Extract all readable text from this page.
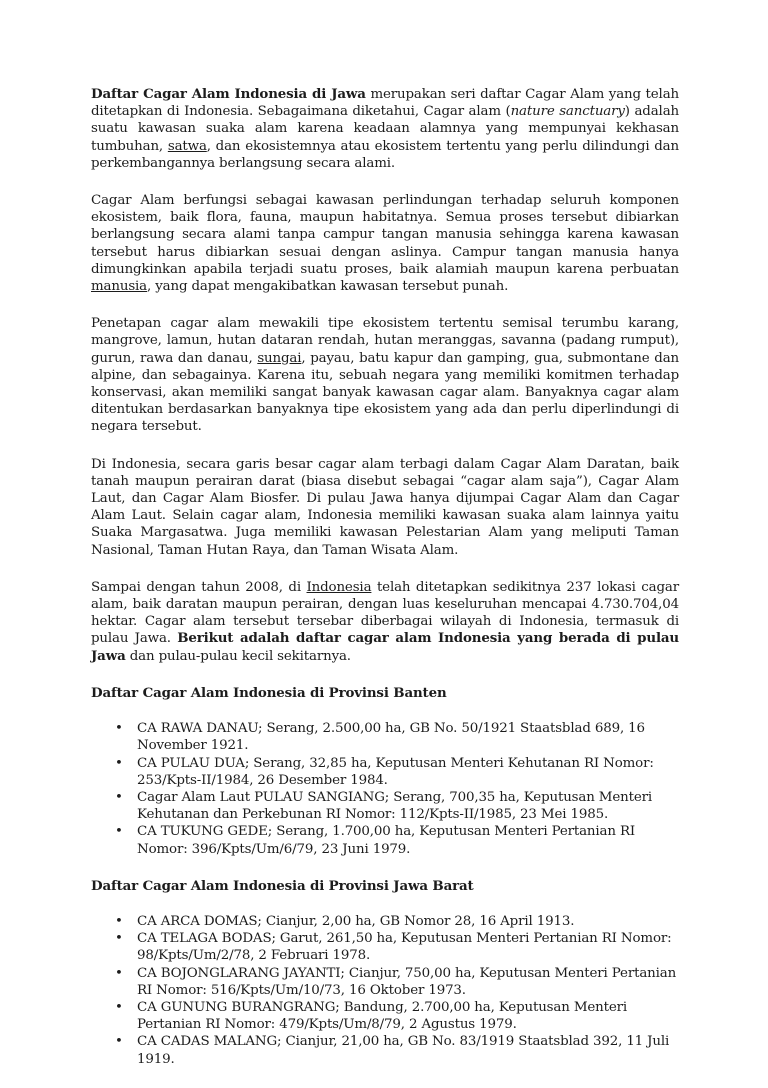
Daftar Cagar Alam Indonesia di Jawa merupakan seri daftar Cagar Alam yang telah ditetapkan di Indonesia. Sebagaimana diketahui, Cagar alam (nature sanctuary) adalah suatu kawasan suaka alam karena keadaan alamnya yang mempunyai kekhasan tumbuhan, satwa, dan ekosistemnya atau ekosistem tertentu yang perlu dilindungi dan perkembangannya berlangsung secara alami.

Cagar Alam berfungsi sebagai kawasan perlindungan terhadap seluruh komponen ekosistem, baik flora, fauna, maupun habitatnya. Semua proses tersebut dibiarkan berlangsung secara alami tanpa campur tangan manusia sehingga karena kawasan tersebut harus dibiarkan sesuai dengan aslinya. Campur tangan manusia hanya dimungkinkan apabila terjadi suatu proses, baik alamiah maupun karena perbuatan manusia, yang dapat mengakibatkan kawasan tersebut punah.

Penetapan cagar alam mewakili tipe ekosistem tertentu semisal terumbu karang, mangrove, lamun, hutan dataran rendah, hutan meranggas, savanna (padang rumput), gurun, rawa dan danau, sungai, payau, batu kapur dan gamping, gua, submontane dan alpine, dan sebagainya. Karena itu, sebuah negara yang memiliki komitmen terhadap konservasi, akan memiliki sangat banyak kawasan cagar alam. Banyaknya cagar alam ditentukan berdasarkan banyaknya tipe ekosistem yang ada dan perlu diperlindungi di negara tersebut.

Di Indonesia, secara garis besar cagar alam terbagi dalam Cagar Alam Daratan, baik tanah maupun perairan darat (biasa disebut sebagai “cagar alam saja”), Cagar Alam Laut, dan Cagar Alam Biosfer. Di pulau Jawa hanya dijumpai Cagar Alam dan Cagar Alam Laut. Selain cagar alam, Indonesia memiliki kawasan suaka alam lainnya yaitu Suaka Margasatwa. Juga memiliki kawasan Pelestarian Alam yang meliputi Taman Nasional, Taman Hutan Raya, dan Taman Wisata Alam.

Sampai dengan tahun 2008, di Indonesia telah ditetapkan sedikitnya 237 lokasi cagar alam, baik daratan maupun perairan, dengan luas keseluruhan mencapai 4.730.704,04 hektar. Cagar alam tersebut tersebar diberbagai wilayah di Indonesia, termasuk di pulau Jawa. Berikut adalah daftar cagar alam Indonesia yang berada di pulau Jawa dan pulau-pulau kecil sekitarnya.

Daftar Cagar Alam Indonesia di Provinsi Banten
• CA RAWA DANAU; Serang, 2.500,00 ha, GB No. 50/1921 Staatsblad 689, 16 November 1921.
• CA PULAU DUA; Serang, 32,85 ha, Keputusan Menteri Kehutanan RI Nomor: 253/Kpts-II/1984, 26 Desember 1984.
• Cagar Alam Laut PULAU SANGIANG; Serang, 700,35 ha, Keputusan Menteri Kehutanan dan Perkebunan RI Nomor: 112/Kpts-II/1985, 23 Mei 1985.
• CA TUKUNG GEDE; Serang, 1.700,00 ha, Keputusan Menteri Pertanian RI Nomor: 396/Kpts/Um/6/79, 23 Juni 1979.
Daftar Cagar Alam Indonesia di Provinsi Jawa Barat
• CA ARCA DOMAS; Cianjur, 2,00 ha, GB Nomor 28, 16 April 1913.
• CA TELAGA BODAS; Garut, 261,50 ha, Keputusan Menteri Pertanian RI Nomor: 98/Kpts/Um/2/78, 2 Februari 1978.
• CA BOJONGLARANG JAYANTI; Cianjur, 750,00 ha, Keputusan Menteri Pertanian RI Nomor: 516/Kpts/Um/10/73, 16 Oktober 1973.
• CA GUNUNG BURANGRANG; Bandung, 2.700,00 ha, Keputusan Menteri Pertanian RI Nomor: 479/Kpts/Um/8/79, 2 Agustus 1979.
• CA CADAS MALANG; Cianjur, 21,00 ha, GB No. 83/1919 Staatsblad 392, 11 Juli 1919.
